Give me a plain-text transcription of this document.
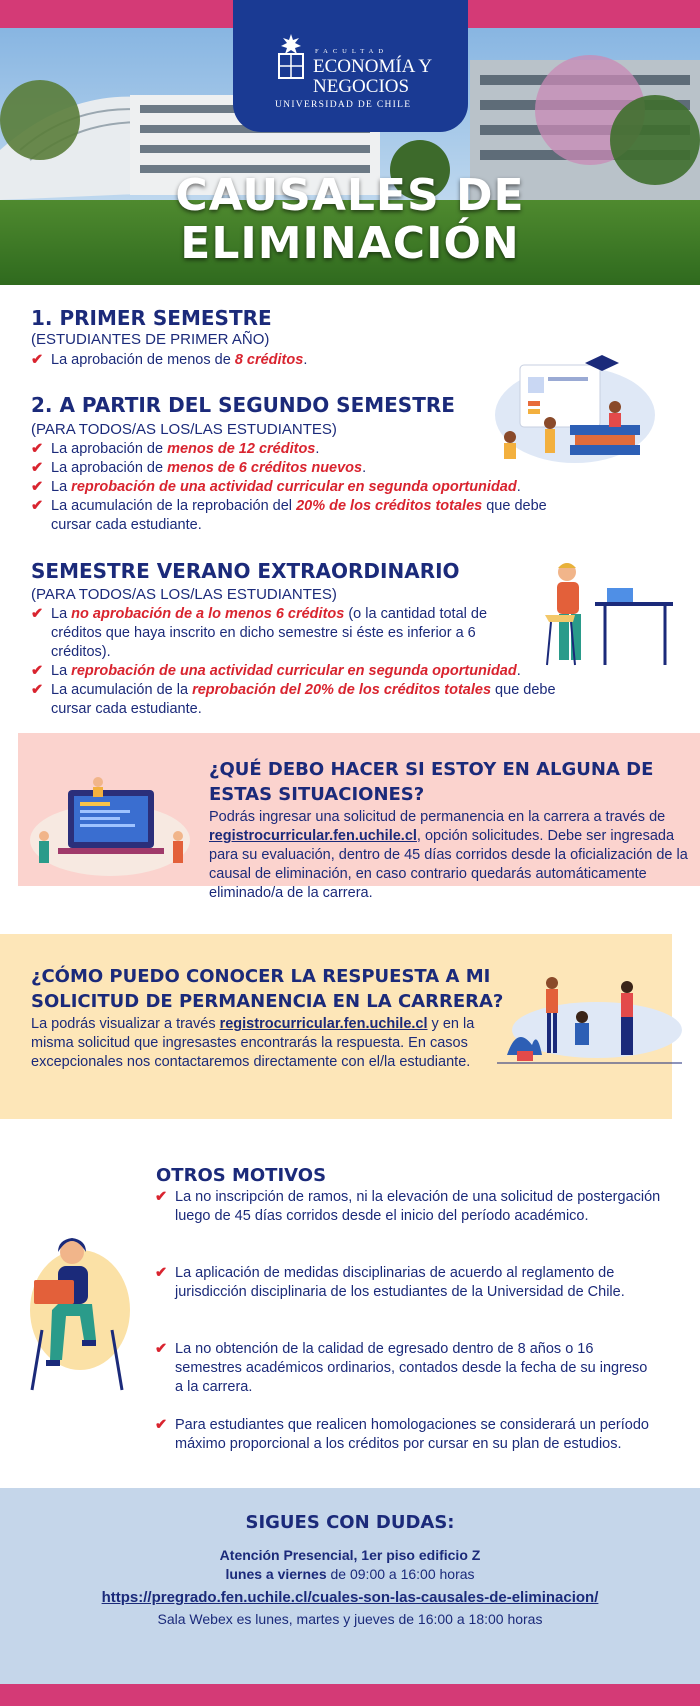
FACULTAD
ECONOMÍA Y
NEGOCIOS
UNIVERSIDAD DE CHILE
CAUSALES DE
ELIMINACIÓN
1. PRIMER SEMESTRE
(ESTUDIANTES DE PRIMER AÑO)
✔ La aprobación de menos de 8 créditos.
2. A PARTIR DEL SEGUNDO SEMESTRE
(PARA TODOS/AS LOS/LAS ESTUDIANTES)
✔ La aprobación de menos de 12 créditos.
✔ La aprobación de menos de 6 créditos nuevos.
✔ La reprobación de una actividad curricular en segunda oportunidad.
✔ La acumulación de la reprobación del 20% de los créditos totales que debe cursar cada estudiante.
SEMESTRE VERANO EXTRAORDINARIO
(PARA TODOS/AS LOS/LAS ESTUDIANTES)
✔ La no aprobación de a lo menos 6 créditos (o la cantidad total de créditos que haya inscrito en dicho semestre si éste es inferior a 6 créditos).
✔ La reprobación de una actividad curricular en segunda oportunidad.
✔ La acumulación de la reprobación del 20% de los créditos totales que debe cursar cada estudiante.
¿QUÉ DEBO HACER SI ESTOY EN ALGUNA DE
ESTAS SITUACIONES?
Podrás ingresar una solicitud de permanencia en la carrera a través de registrocurricular.fen.uchile.cl, opción solicitudes. Debe ser ingresada para su evaluación, dentro de 45 días corridos desde la oficialización de la causal de eliminación, en caso contrario quedarás automáticamente eliminado/a de la carrera.
¿CÓMO PUEDO CONOCER LA RESPUESTA A MI
SOLICITUD DE PERMANENCIA EN LA CARRERA?
La podrás visualizar a través registrocurricular.fen.uchile.cl y en la misma solicitud que ingresastes encontrarás la respuesta. En casos excepcionales nos contactaremos directamente con el/la estudiante.
OTROS MOTIVOS
✔ La no inscripción de ramos, ni la elevación de una solicitud de postergación luego de 45 días corridos desde el inicio del período académico.
✔ La aplicación de medidas disciplinarias de acuerdo al reglamento de jurisdicción disciplinaria de los estudiantes de la Universidad de Chile.
✔ La no obtención de la calidad de egresado dentro de 8 años o 16 semestres académicos ordinarios, contados desde la fecha de su ingreso a la carrera.
✔ Para estudiantes que realicen homologaciones se considerará un período máximo proporcional a los créditos por cursar en su plan de estudios.
SIGUES CON DUDAS:
Atención Presencial, 1er piso edificio Z
lunes a viernes de 09:00 a 16:00 horas
https://pregrado.fen.uchile.cl/cuales-son-las-causales-de-eliminacion/
Sala Webex es lunes, martes y jueves de 16:00 a 18:00 horas
